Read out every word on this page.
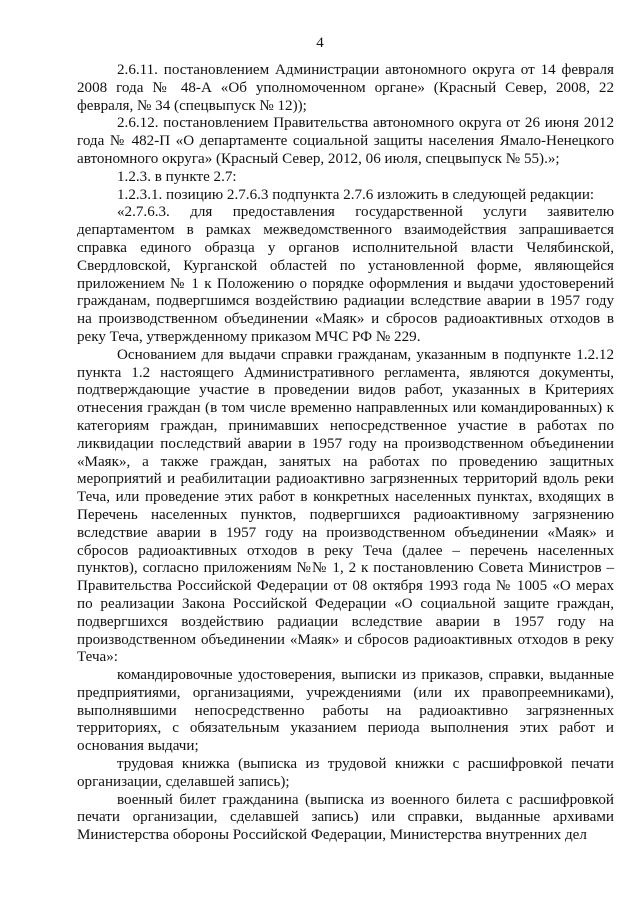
4

2.6.11. постановлением Администрации автономного округа от 14 февраля 2008 года № 48-А «Об уполномоченном органе» (Красный Север, 2008, 22 февраля, № 34 (спецвыпуск № 12));

2.6.12. постановлением Правительства автономного округа от 26 июня 2012 года № 482-П «О департаменте социальной защиты населения Ямало-Ненецкого автономного округа» (Красный Север, 2012, 06 июля, спецвыпуск № 55).»;

1.2.3. в пункте 2.7:

1.2.3.1. позицию 2.7.6.3 подпункта 2.7.6 изложить в следующей редакции:

«2.7.6.3. для предоставления государственной услуги заявителю департаментом в рамках межведомственного взаимодействия запрашивается справка единого образца у органов исполнительной власти Челябинской, Свердловской, Курганской областей по установленной форме, являющейся приложением № 1 к Положению о порядке оформления и выдачи удостоверений гражданам, подвергшимся воздействию радиации вследствие аварии в 1957 году на производственном объединении «Маяк» и сбросов радиоактивных отходов в реку Теча, утвержденному приказом МЧС РФ № 229.

Основанием для выдачи справки гражданам, указанным в подпункте 1.2.12 пункта 1.2 настоящего Административного регламента, являются документы, подтверждающие участие в проведении видов работ, указанных в Критериях отнесения граждан (в том числе временно направленных или командированных) к категориям граждан, принимавших непосредственное участие в работах по ликвидации последствий аварии в 1957 году на производственном объединении «Маяк», а также граждан, занятых на работах по проведению защитных мероприятий и реабилитации радиоактивно загрязненных территорий вдоль реки Теча, или проведение этих работ в конкретных населенных пунктах, входящих в Перечень населенных пунктов, подвергшихся радиоактивному загрязнению вследствие аварии в 1957 году на производственном объединении «Маяк» и сбросов радиоактивных отходов в реку Теча (далее – перечень населенных пунктов), согласно приложениям №№ 1, 2 к постановлению Совета Министров – Правительства Российской Федерации от 08 октября 1993 года № 1005 «О мерах по реализации Закона Российской Федерации «О социальной защите граждан, подвергшихся воздействию радиации вследствие аварии в 1957 году на производственном объединении «Маяк» и сбросов радиоактивных отходов в реку Теча»:

командировочные удостоверения, выписки из приказов, справки, выданные предприятиями, организациями, учреждениями (или их правопреемниками), выполнявшими непосредственно работы на радиоактивно загрязненных территориях, с обязательным указанием периода выполнения этих работ и основания выдачи;

трудовая книжка (выписка из трудовой книжки с расшифровкой печати организации, сделавшей запись);

военный билет гражданина (выписка из военного билета с расшифровкой печати организации, сделавшей запись) или справки, выданные архивами Министерства обороны Российской Федерации, Министерства внутренних дел
